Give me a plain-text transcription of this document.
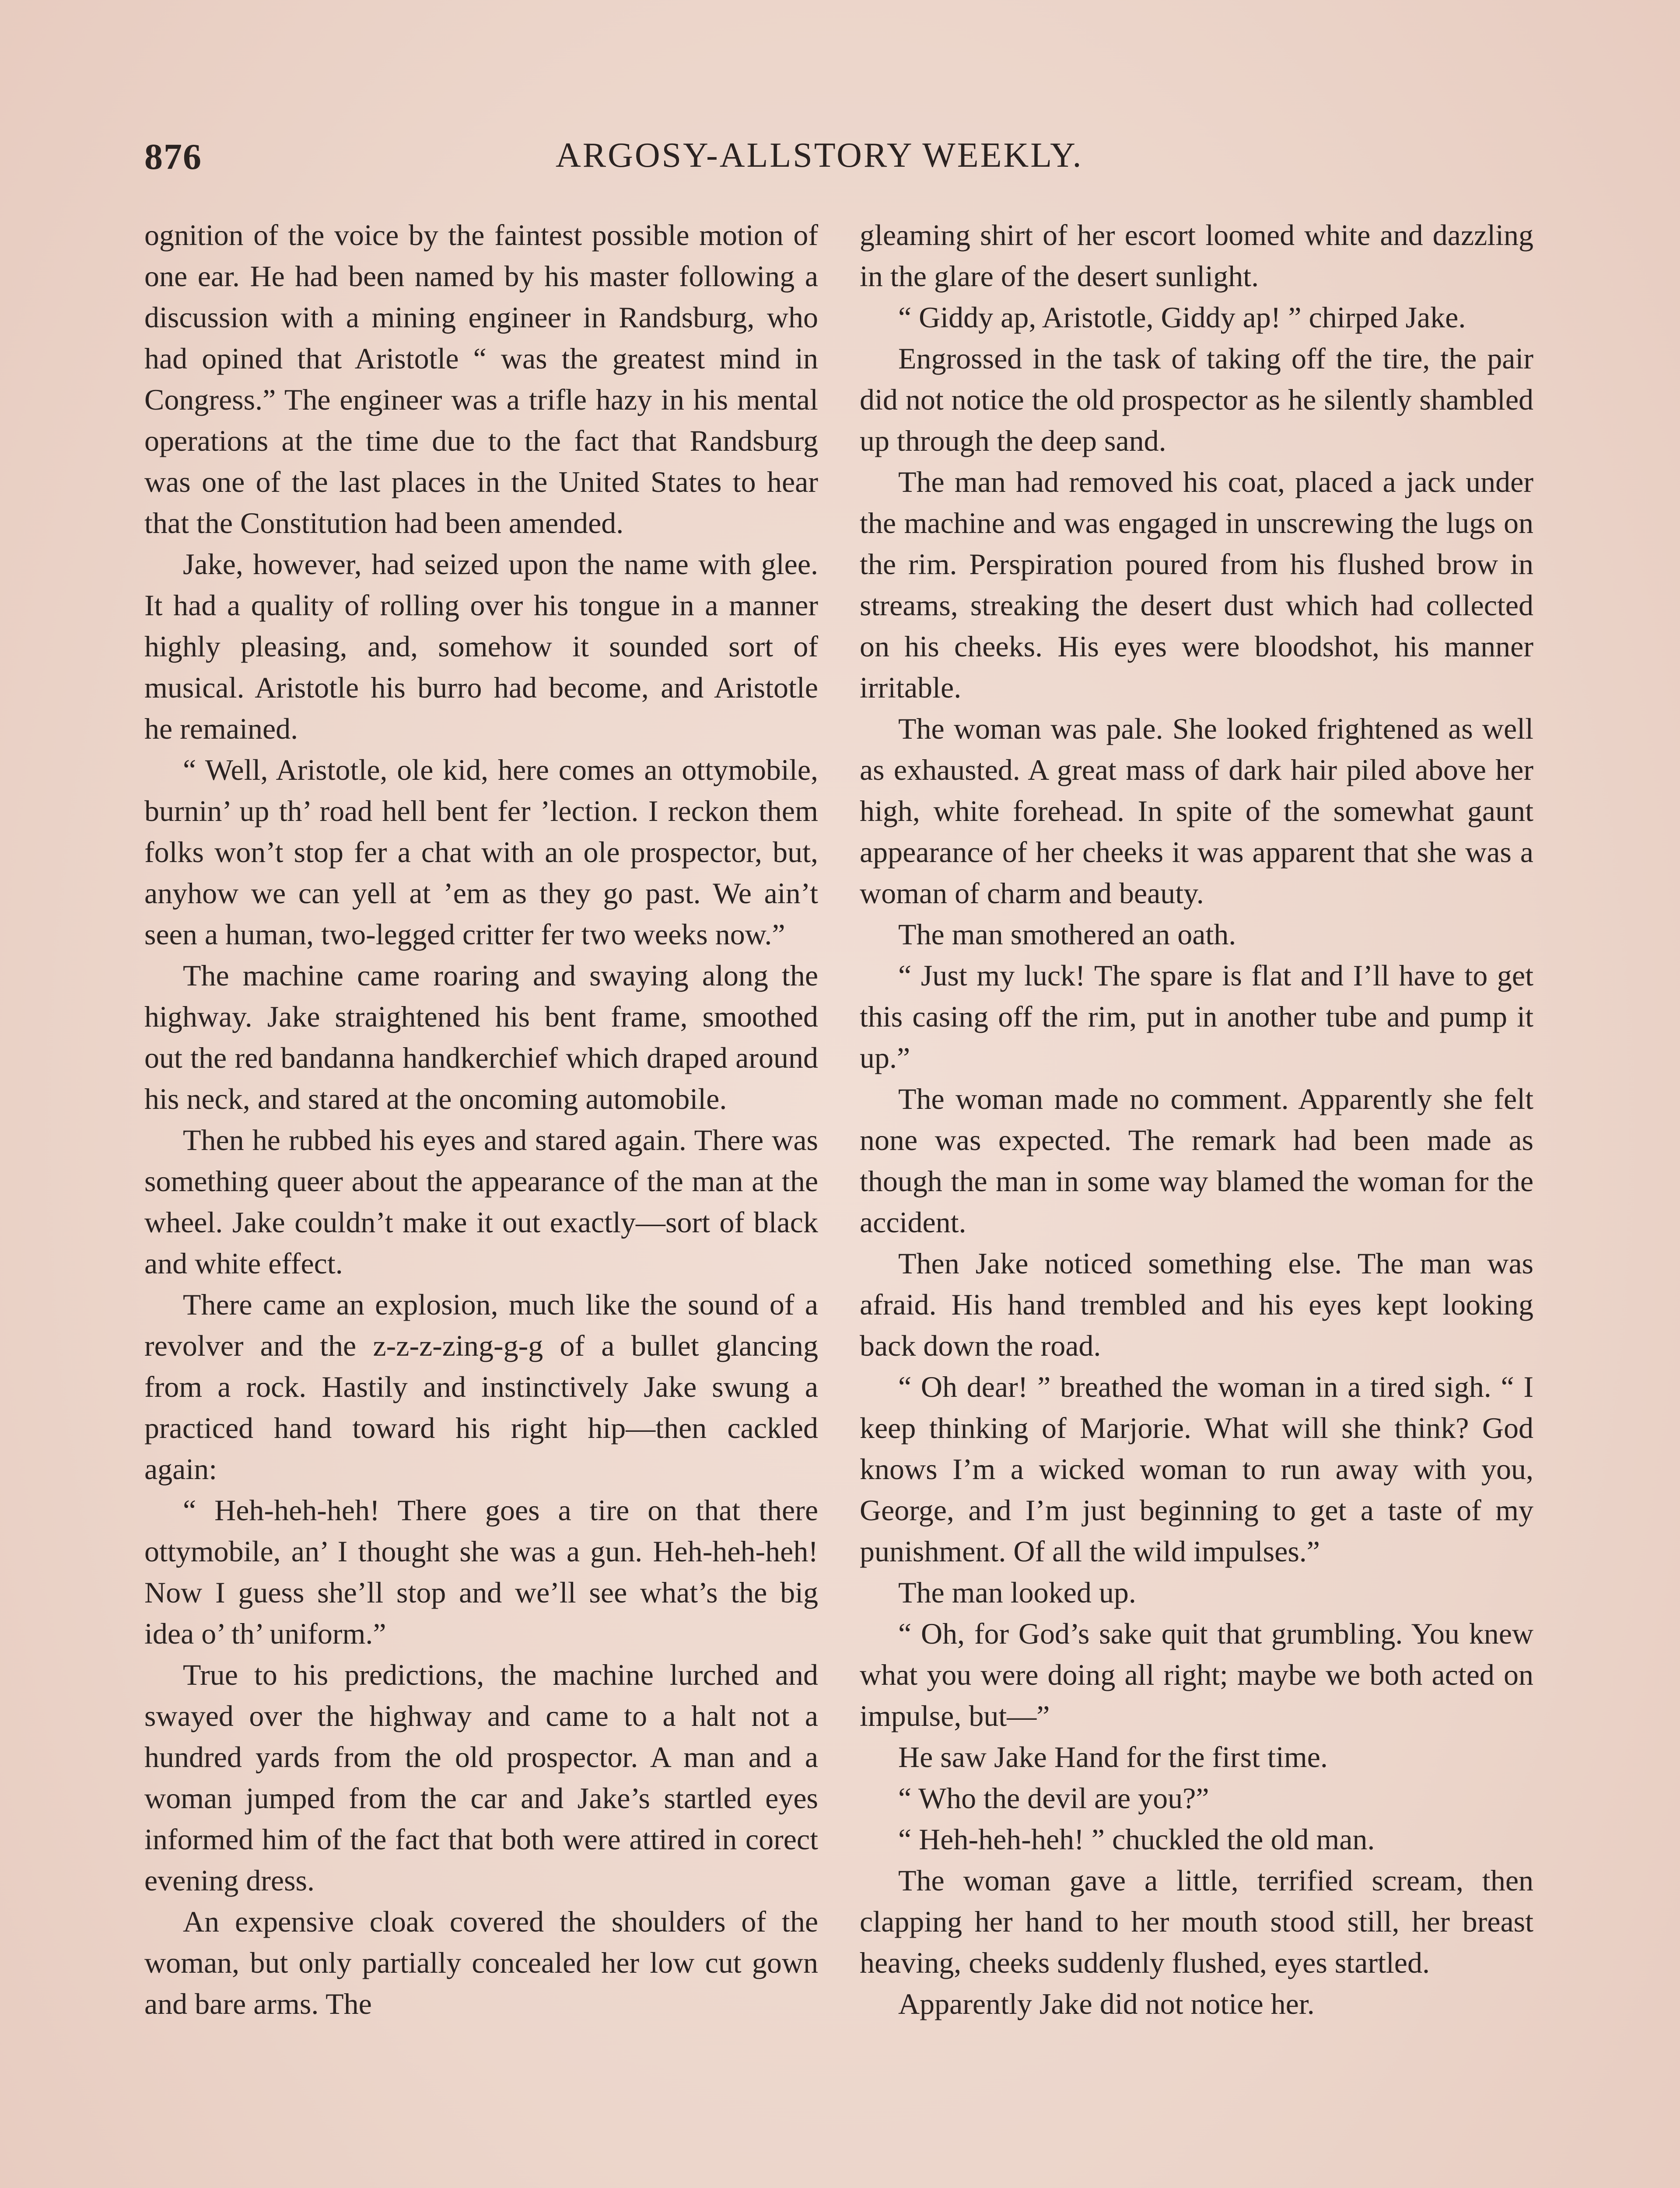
876	ARGOSY-ALLSTORY WEEKLY.

ognition of the voice by the faintest possible motion of one ear. He had been named by his master following a discussion with a mining engineer in Randsburg, who had opined that Aristotle “ was the greatest mind in Congress.” The engineer was a trifle hazy in his mental operations at the time due to the fact that Randsburg was one of the last places in the United States to hear that the Constitution had been amended.

Jake, however, had seized upon the name with glee. It had a quality of rolling over his tongue in a manner highly pleasing, and, somehow it sounded sort of musical. Aristotle his burro had become, and Aristotle he remained.

“ Well, Aristotle, ole kid, here comes an ottymobile, burnin’ up th’ road hell bent fer ’lection. I reckon them folks won’t stop fer a chat with an ole prospector, but, anyhow we can yell at ’em as they go past. We ain’t seen a human, two-legged critter fer two weeks now.”

The machine came roaring and swaying along the highway. Jake straightened his bent frame, smoothed out the red bandanna handkerchief which draped around his neck, and stared at the oncoming automobile.

Then he rubbed his eyes and stared again. There was something queer about the appearance of the man at the wheel. Jake couldn’t make it out exactly—sort of black and white effect.

There came an explosion, much like the sound of a revolver and the z-z-z-zing-g-g of a bullet glancing from a rock. Hastily and instinctively Jake swung a practiced hand toward his right hip—then cackled again:

“ Heh-heh-heh! There goes a tire on that there ottymobile, an’ I thought she was a gun. Heh-heh-heh! Now I guess she’ll stop and we’ll see what’s the big idea o’ th’ uniform.”

True to his predictions, the machine lurched and swayed over the highway and came to a halt not a hundred yards from the old prospector. A man and a woman jumped from the car and Jake’s startled eyes informed him of the fact that both were attired in corect evening dress.

An expensive cloak covered the shoulders of the woman, but only partially concealed her low cut gown and bare arms. The

gleaming shirt of her escort loomed white and dazzling in the glare of the desert sunlight.

“ Giddy ap, Aristotle, Giddy ap! ” chirped Jake.

Engrossed in the task of taking off the tire, the pair did not notice the old prospector as he silently shambled up through the deep sand.

The man had removed his coat, placed a jack under the machine and was engaged in unscrewing the lugs on the rim. Perspiration poured from his flushed brow in streams, streaking the desert dust which had collected on his cheeks. His eyes were bloodshot, his manner irritable.

The woman was pale. She looked frightened as well as exhausted. A great mass of dark hair piled above her high, white forehead. In spite of the somewhat gaunt appearance of her cheeks it was apparent that she was a woman of charm and beauty.

The man smothered an oath.

“ Just my luck! The spare is flat and I’ll have to get this casing off the rim, put in another tube and pump it up.”

The woman made no comment. Apparently she felt none was expected. The remark had been made as though the man in some way blamed the woman for the accident.

Then Jake noticed something else. The man was afraid. His hand trembled and his eyes kept looking back down the road.

“ Oh dear! ” breathed the woman in a tired sigh. “ I keep thinking of Marjorie. What will she think? God knows I’m a wicked woman to run away with you, George, and I’m just beginning to get a taste of my punishment. Of all the wild impulses.”

The man looked up.

“ Oh, for God’s sake quit that grumbling. You knew what you were doing all right; maybe we both acted on impulse, but—”

He saw Jake Hand for the first time.

“ Who the devil are you?”

“ Heh-heh-heh! ” chuckled the old man.

The woman gave a little, terrified scream, then clapping her hand to her mouth stood still, her breast heaving, cheeks suddenly flushed, eyes startled.

Apparently Jake did not notice her.
